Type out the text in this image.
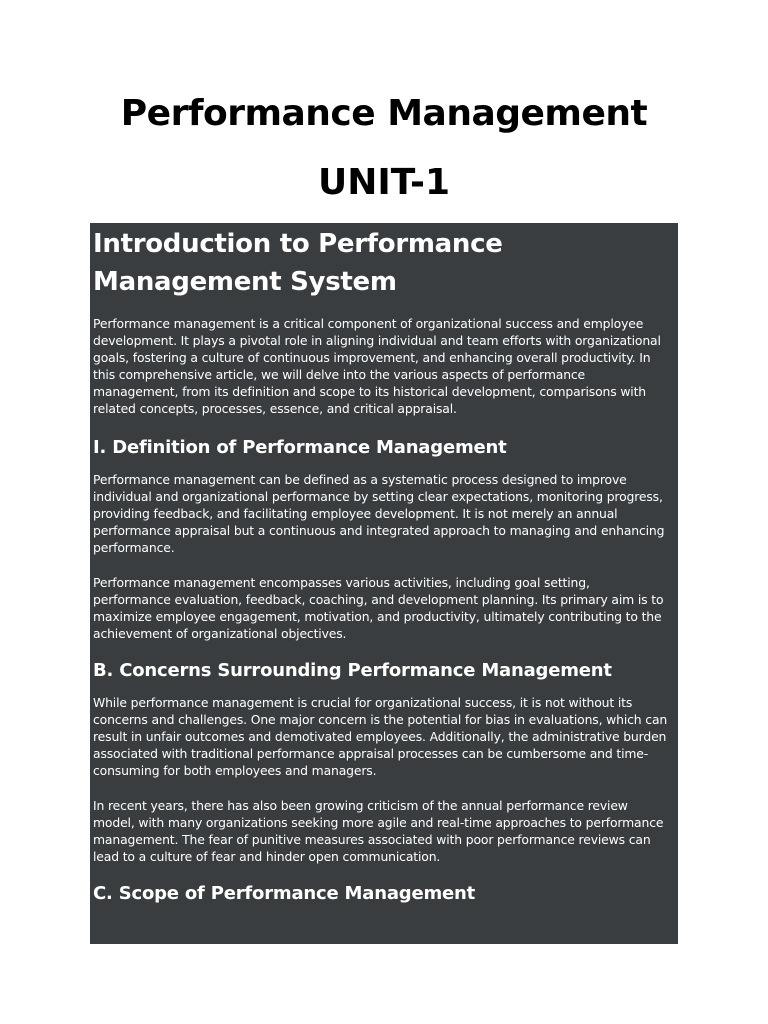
Performance Management
UNIT-1
Introduction to Performance Management System

Performance management is a critical component of organizational success and employee development. It plays a pivotal role in aligning individual and team efforts with organizational goals, fostering a culture of continuous improvement, and enhancing overall productivity. In this comprehensive article, we will delve into the various aspects of performance management, from its definition and scope to its historical development, comparisons with related concepts, processes, essence, and critical appraisal.

I. Definition of Performance Management

Performance management can be defined as a systematic process designed to improve individual and organizational performance by setting clear expectations, monitoring progress, providing feedback, and facilitating employee development. It is not merely an annual performance appraisal but a continuous and integrated approach to managing and enhancing performance.

Performance management encompasses various activities, including goal setting, performance evaluation, feedback, coaching, and development planning. Its primary aim is to maximize employee engagement, motivation, and productivity, ultimately contributing to the achievement of organizational objectives.

B. Concerns Surrounding Performance Management

While performance management is crucial for organizational success, it is not without its concerns and challenges. One major concern is the potential for bias in evaluations, which can result in unfair outcomes and demotivated employees. Additionally, the administrative burden associated with traditional performance appraisal processes can be cumbersome and time-consuming for both employees and managers.

In recent years, there has also been growing criticism of the annual performance review model, with many organizations seeking more agile and real-time approaches to performance management. The fear of punitive measures associated with poor performance reviews can lead to a culture of fear and hinder open communication.

C. Scope of Performance Management
